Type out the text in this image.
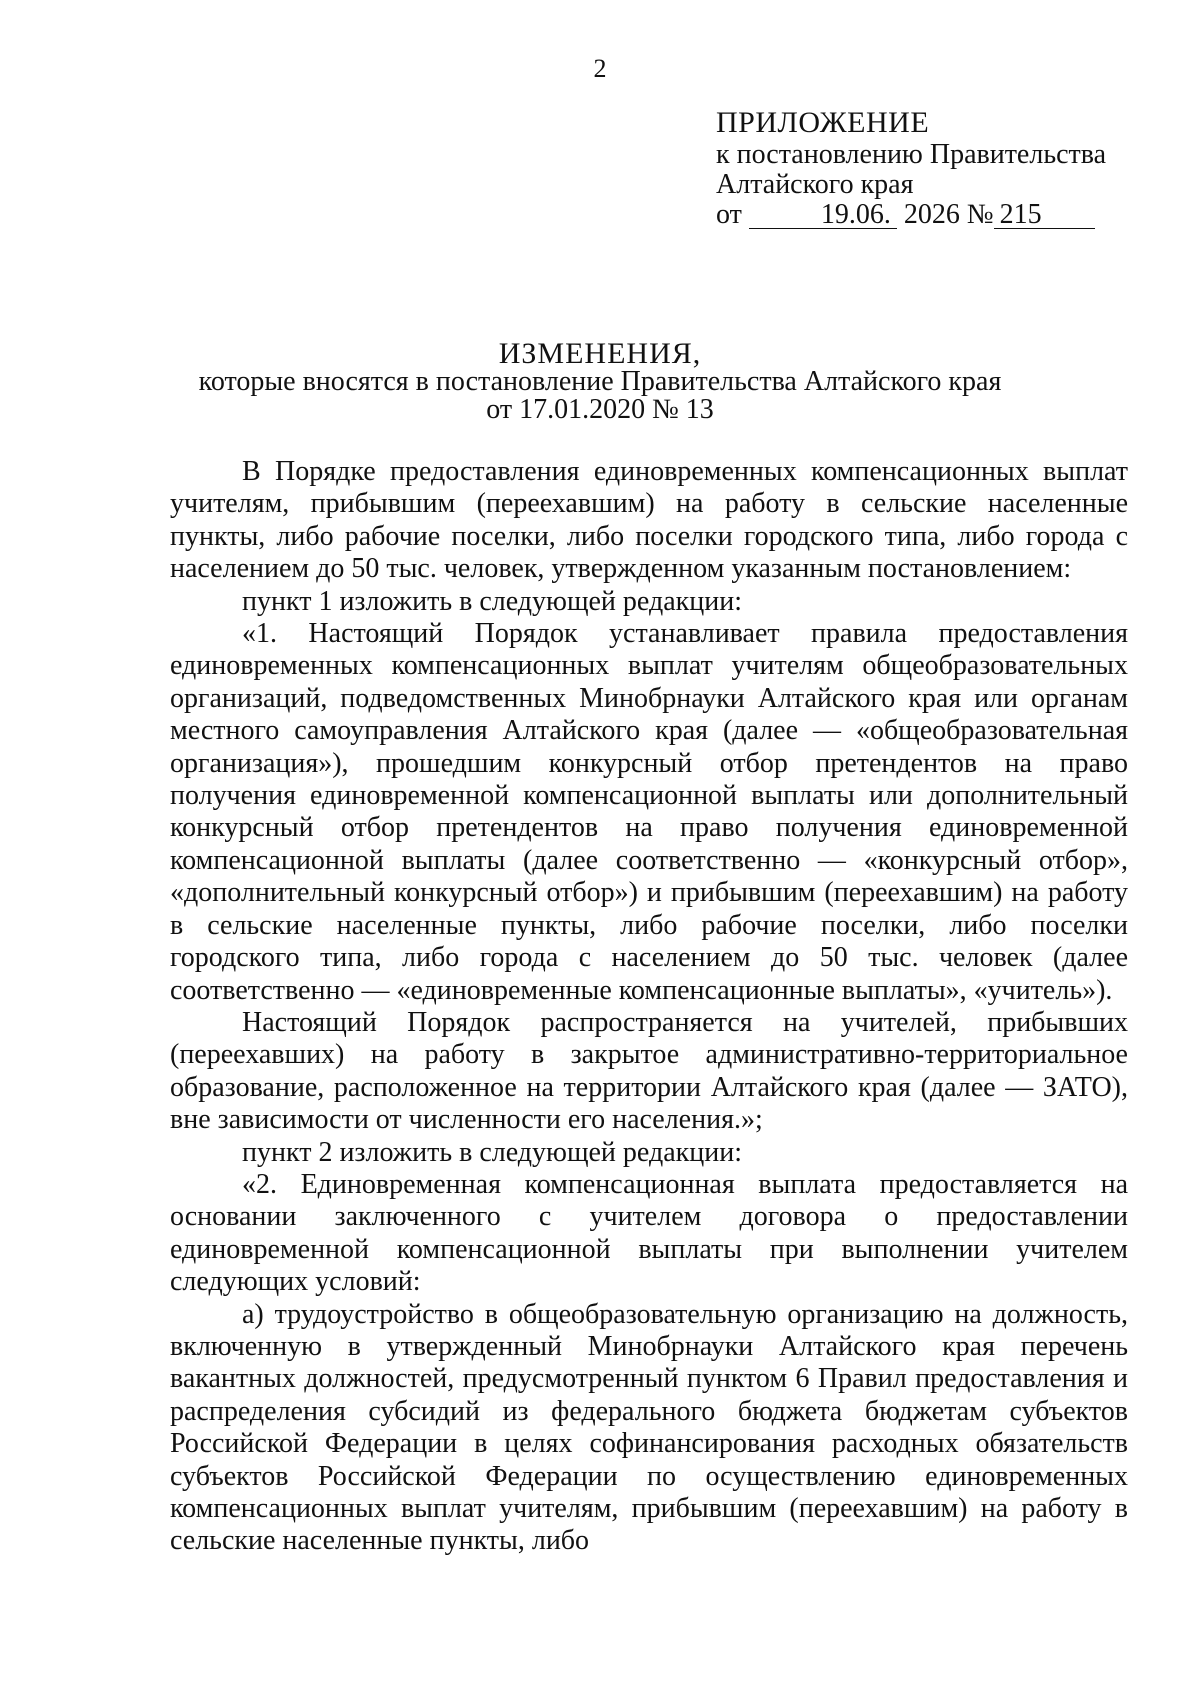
2
ПРИЛОЖЕНИЕ
к постановлению Правительства
Алтайского края
от	19.06. 2026 № 215
ИЗМЕНЕНИЯ,
которые вносятся в постановление Правительства Алтайского края
от 17.01.2020 № 13

В Порядке предоставления единовременных компенсационных выплат учителям, прибывшим (переехавшим) на работу в сельские населенные пункты, либо рабочие поселки, либо поселки городского типа, либо города с населением до 50 тыс. человек, утвержденном указанным постановлением:

пункт 1 изложить в следующей редакции:

«1. Настоящий Порядок устанавливает правила предоставления единовременных компенсационных выплат учителям общеобразовательных организаций, подведомственных Минобрнауки Алтайского края или органам местного самоуправления Алтайского края (далее — «общеобразовательная организация»), прошедшим конкурсный отбор претендентов на право получения единовременной компенсационной выплаты или дополнительный конкурсный отбор претендентов на право получения единовременной компенсационной выплаты (далее соответственно — «конкурсный отбор», «дополнительный конкурсный отбор») и прибывшим (переехавшим) на работу в сельские населенные пункты, либо рабочие поселки, либо поселки городского типа, либо города с населением до 50 тыс. человек (далее соответственно — «единовременные компенсационные выплаты», «учитель»).

Настоящий Порядок распространяется на учителей, прибывших (переехавших) на работу в закрытое административно-территориальное образование, расположенное на территории Алтайского края (далее — ЗАТО), вне зависимости от численности его населения.»;

пункт 2 изложить в следующей редакции:

«2. Единовременная компенсационная выплата предоставляется на основании заключенного с учителем договора о предоставлении единовременной компенсационной выплаты при выполнении учителем следующих условий:

а) трудоустройство в общеобразовательную организацию на должность, включенную в утвержденный Минобрнауки Алтайского края перечень вакантных должностей, предусмотренный пунктом 6 Правил предоставления и распределения субсидий из федерального бюджета бюджетам субъектов Российской Федерации в целях софинансирования расходных обязательств субъектов Российской Федерации по осуществлению единовременных компенсационных выплат учителям, прибывшим (переехавшим) на работу в сельские населенные пункты, либо
